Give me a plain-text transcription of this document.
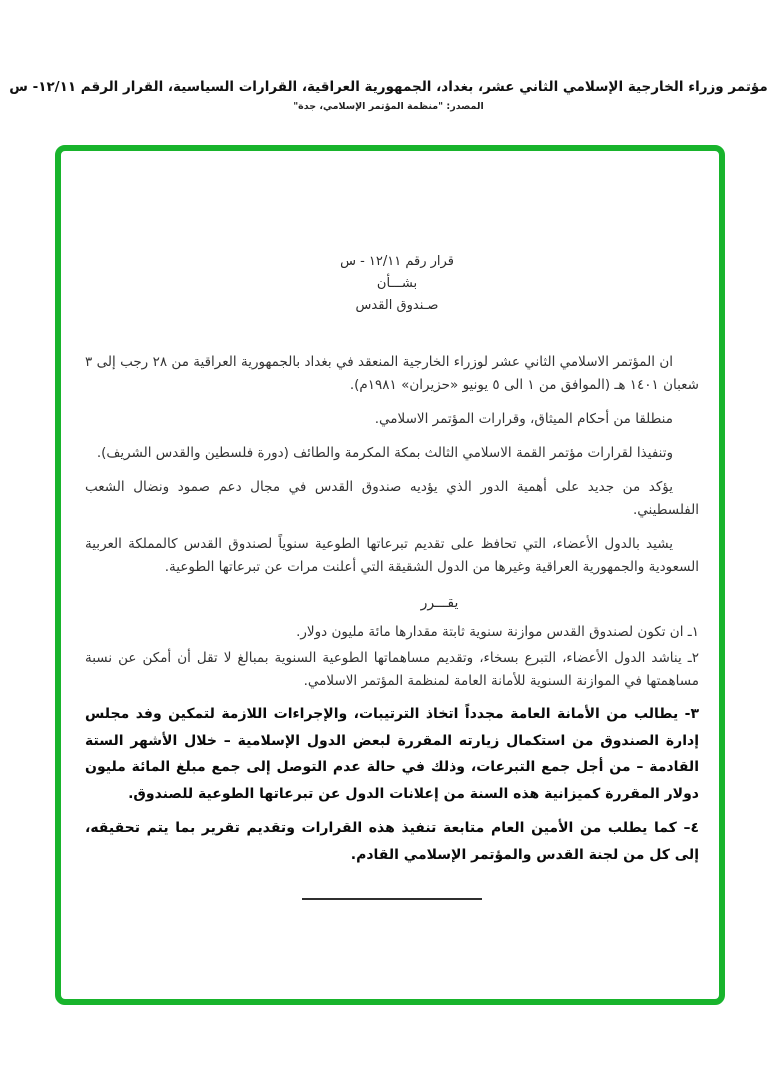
مؤتمر وزراء الخارجية الإسلامي الثاني عشر، بغداد، الجمهورية العراقية، القرارات السياسية، القرار الرقم ١٢/١١- س
المصدر: "منظمة المؤتمر الإسلامي، جدة"
قرار رقم ١٢/١١ - س
بشـــأن
صـندوق القدس

ان المؤتمر الاسلامي الثاني عشر لوزراء الخارجية المنعقد في بغداد بالجمهورية العراقية من ٢٨ رجب إلى ٣ شعبان ١٤٠١ هـ (الموافق من ١ الى ٥ يونيو «حزيران» ١٩٨١م).

منطلقا من أحكام الميثاق، وقرارات المؤتمر الاسلامي.

وتنفيذا لقرارات مؤتمر القمة الاسلامي الثالث بمكة المكرمة والطائف (دورة فلسطين والقدس الشريف).

يؤكد من جديد على أهمية الدور الذي يؤديه صندوق القدس في مجال دعم صمود ونضال الشعب الفلسطيني.

يشيد بالدول الأعضاء، التي تحافظ على تقديم تبرعاتها الطوعية سنوياً لصندوق القدس كالمملكة العربية السعودية والجمهورية العراقية وغيرها من الدول الشقيقة التي أعلنت مرات عن تبرعاتها الطوعية.

يقـــرر
١ـ ان تكون لصندوق القدس موازنة سنوية ثابتة مقدارها مائة مليون دولار.
٢ـ يناشد الدول الأعضاء، التبرع بسخاء، وتقديم مساهماتها الطوعية السنوية بمبالغ لا تقل أن أمكن عن نسبة مساهمتها في الموازنة السنوية للأمانة العامة لمنظمة المؤتمر الاسلامي.
٣- يطالب من الأمانة العامة مجدداً اتخاذ الترتيبات، والإجراءات اللازمة لتمكين وفد مجلس إدارة الصندوق من استكمال زيارته المقررة لبعض الدول الإسلامية – خلال الأشهر الستة القادمة – من أجل جمع التبرعات، وذلك في حالة عدم التوصل إلى جمع مبلغ المائة مليون دولار المقررة كميزانية هذه السنة من إعلانات الدول عن تبرعاتها الطوعية للصندوق.
٤– كما يطلب من الأمين العام متابعة تنفيذ هذه القرارات وتقديم تقرير بما يتم تحقيقه، إلى كل من لجنة القدس والمؤتمر الإسلامي القادم.
